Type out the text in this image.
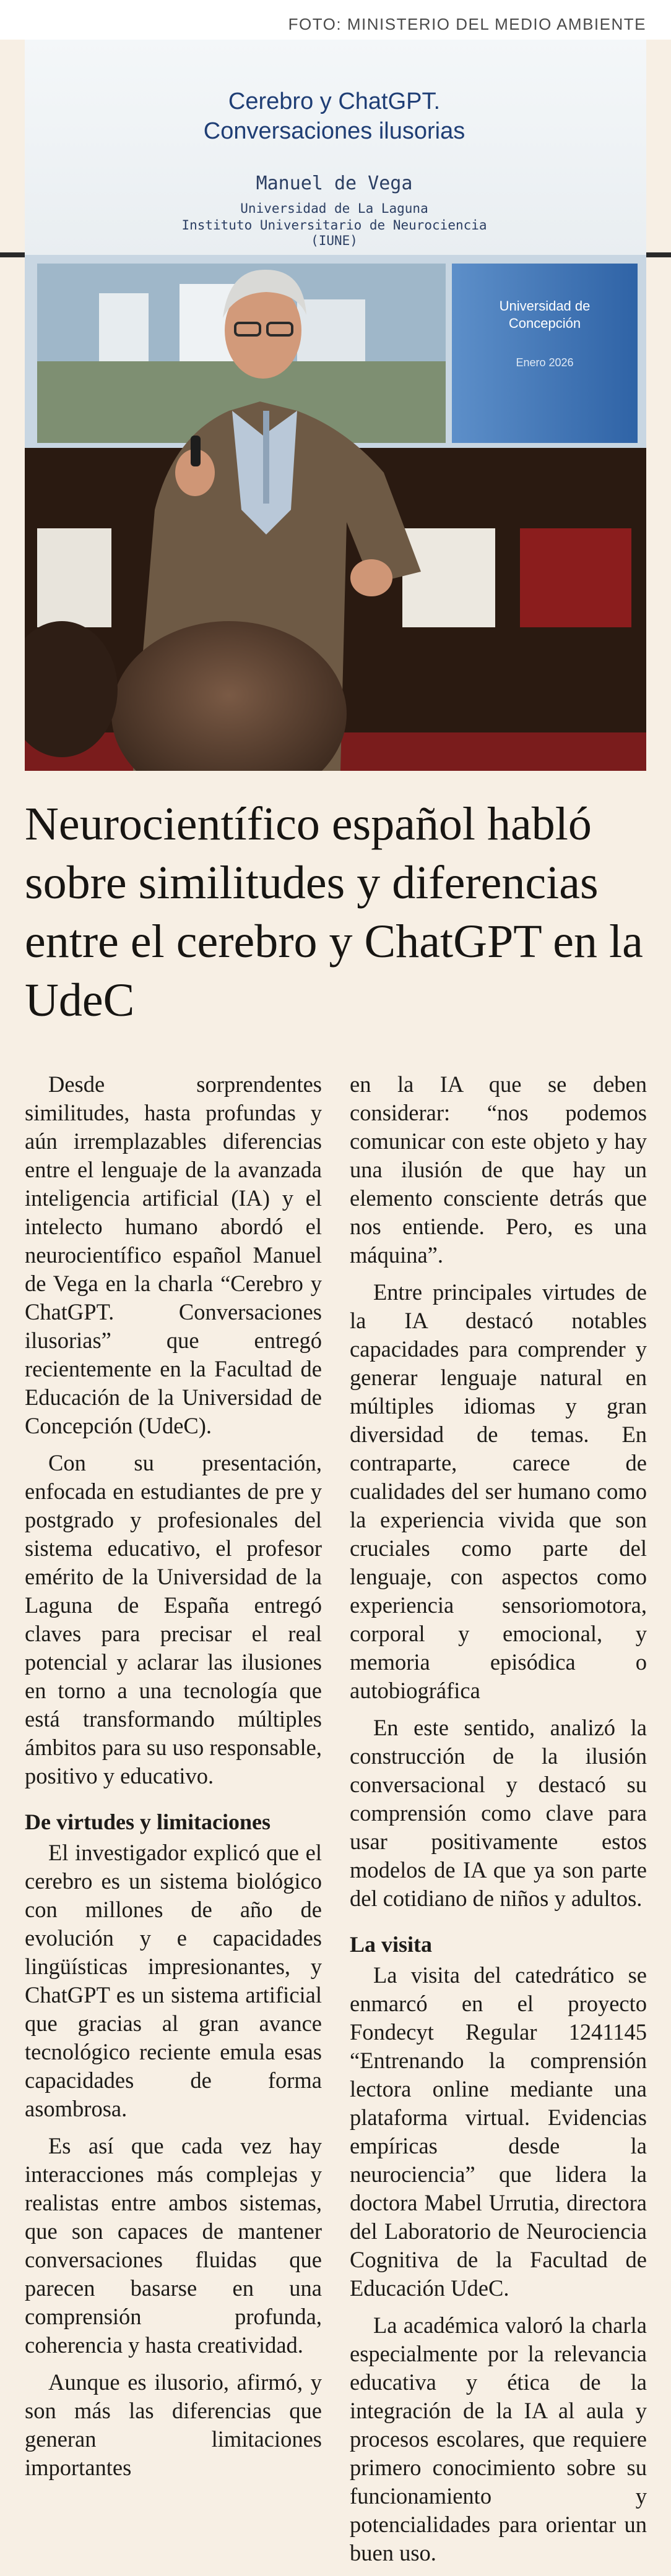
FOTO: MINISTERIO DEL MEDIO AMBIENTE
Cerebro y ChatGPT.
Conversaciones ilusorias
Manuel de Vega
Universidad de La Laguna
Instituto Universitario de Neurociencia
(IUNE)
Universidad de
Concepción
Enero 2026
Neurocientífico español habló sobre similitudes y diferencias entre el cerebro y ChatGPT en la UdeC

Desde sorprendentes similitudes, hasta profundas y aún irremplazables diferencias entre el lenguaje de la avanzada inteligencia artificial (IA) y el intelecto humano abordó el neurocientífico español Manuel de Vega en la charla “Cerebro y ChatGPT. Conversaciones ilusorias” que entregó recientemente en la Facultad de Educación de la Universidad de Concepción (UdeC).

Con su presentación, enfocada en estudiantes de pre y postgrado y profesionales del sistema educativo, el profesor emérito de la Universidad de la Laguna de España entregó claves para precisar el real potencial y aclarar las ilusiones en torno a una tecnología que está transformando múltiples ámbitos para su uso responsable, positivo y educativo.

De virtudes y limitaciones

El investigador explicó que el cerebro es un sistema biológico con millones de año de evolución y e capacidades lingüísticas impresionantes, y ChatGPT es un sistema artificial que gracias al gran avance tecnológico reciente emula esas capacidades de forma asombrosa.

Es así que cada vez hay interacciones más complejas y realistas entre ambos sistemas, que son capaces de mantener conversaciones fluidas que parecen basarse en una comprensión profunda, coherencia y hasta creatividad.

Aunque es ilusorio, afirmó, y son más las diferencias que generan limitaciones importantes

en la IA que se deben considerar: “nos podemos comunicar con este objeto y hay una ilusión de que hay un elemento consciente detrás que nos entiende. Pero, es una máquina”.

Entre principales virtudes de la IA destacó notables capacidades para comprender y generar lenguaje natural en múltiples idiomas y gran diversidad de temas. En contraparte, carece de cualidades del ser humano como la experiencia vivida que son cruciales como parte del lenguaje, con aspectos como experiencia sensoriomotora, corporal y emocional, y memoria episódica o autobiográfica

En este sentido, analizó la construcción de la ilusión conversacional y destacó su comprensión como clave para usar positivamente estos modelos de IA que ya son parte del cotidiano de niños y adultos.

La visita

La visita del catedrático se enmarcó en el proyecto Fondecyt Regular 1241145 “Entrenando la comprensión lectora online mediante una plataforma virtual. Evidencias empíricas desde la neurociencia” que lidera la doctora Mabel Urrutia, directora del Laboratorio de Neurociencia Cognitiva de la Facultad de Educación UdeC.

La académica valoró la charla especialmente por la relevancia educativa y ética de la integración de la IA al aula y procesos escolares, que requiere primero conocimiento sobre su funcionamiento y potencialidades para orientar un buen uso.
